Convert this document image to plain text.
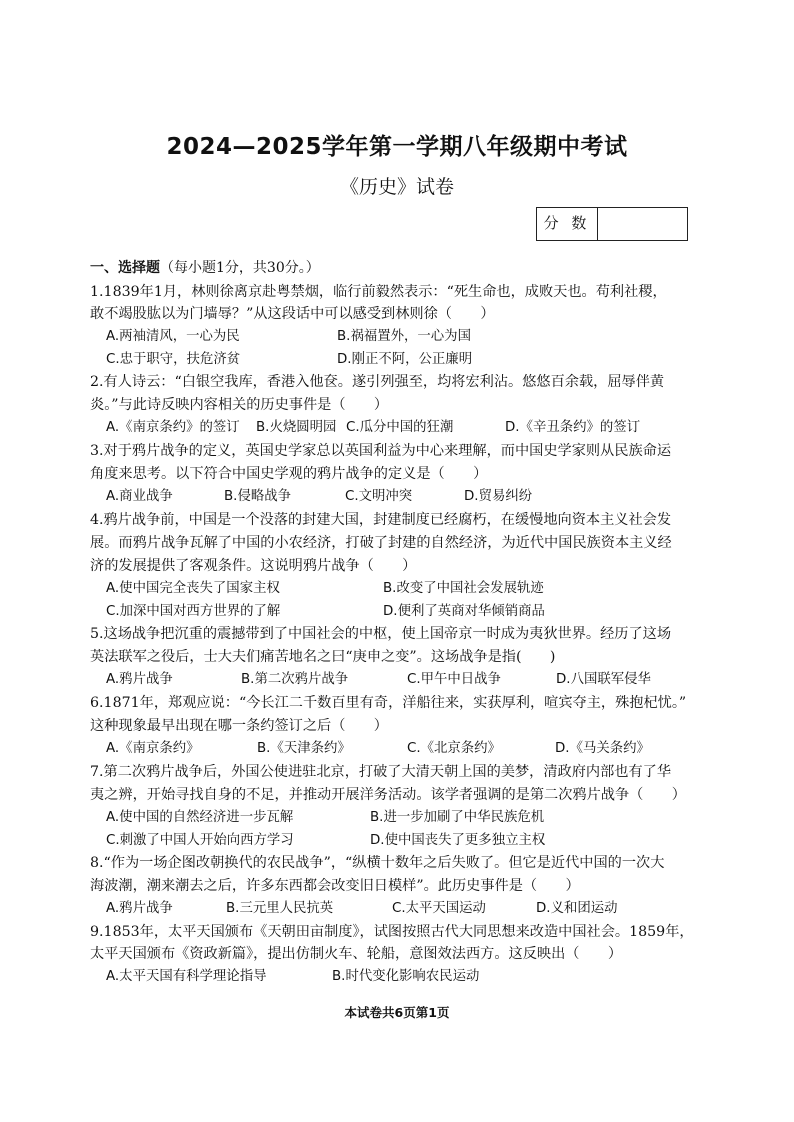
2024—2025学年第一学期八年级期中考试
《历史》试卷
分 数
一、选择题（每小题1分，共30分。）
1.1839年1月，林则徐离京赴粤禁烟，临行前毅然表示：“死生命也，成败天也。苟利社稷，
敢不竭股肱以为门墙辱？”从这段话中可以感受到林则徐（　　）
A.两袖清风，一心为民	B.祸福置外，一心为国
C.忠于职守，扶危济贫	D.刚正不阿，公正廉明
2.有人诗云：“白银空我库，香港入他奁。遂引列强至，均将宏利沾。悠悠百余载，屈辱伴黄
炎。”与此诗反映内容相关的历史事件是（　　）
A.《南京条约》的签订 B.火烧圆明园 C.瓜分中国的狂潮	D.《辛丑条约》的签订
3.对于鸦片战争的定义，英国史学家总以英国利益为中心来理解，而中国史学家则从民族命运
角度来思考。以下符合中国史学观的鸦片战争的定义是（　　）
A.商业战争	B.侵略战争	C.文明冲突	D.贸易纠纷
4.鸦片战争前，中国是一个没落的封建大国，封建制度已经腐朽，在缓慢地向资本主义社会发
展。而鸦片战争瓦解了中国的小农经济，打破了封建的自然经济，为近代中国民族资本主义经
济的发展提供了客观条件。这说明鸦片战争（　　）
A.使中国完全丧失了国家主权	B.改变了中国社会发展轨迹
C.加深中国对西方世界的了解	D.便利了英商对华倾销商品
5.这场战争把沉重的震撼带到了中国社会的中枢，使上国帝京一时成为夷狄世界。经历了这场
英法联军之役后，士大夫们痛苦地名之曰“庚申之变”。这场战争是指(　　)
A.鸦片战争	B.第二次鸦片战争	C.甲午中日战争	D.八国联军侵华
6.1871年，郑观应说：“今长江二千数百里有奇，洋船往来，实获厚利，喧宾夺主，殊抱杞忧。”
这种现象最早出现在哪一条约签订之后（　　）
A.《南京条约》	B.《天津条约》	C.《北京条约》	D.《马关条约》
7.第二次鸦片战争后，外国公使进驻北京，打破了大清天朝上国的美梦，清政府内部也有了华
夷之辨，开始寻找自身的不足，并推动开展洋务活动。该学者强调的是第二次鸦片战争（　　）
A.使中国的自然经济进一步瓦解	B.进一步加刷了中华民族危机
C.刺激了中国人开始向西方学习	D.使中国丧失了更多独立主权
8.“作为一场企图改朝换代的农民战争”，“纵横十数年之后失败了。但它是近代中国的一次大
海波潮，潮来潮去之后，许多东西都会改变旧日模样”。此历史事件是（　　）
A.鸦片战争	B.三元里人民抗英	C.太平天国运动	D.义和团运动
9.1853年，太平天国颁布《天朝田亩制度》，试图按照古代大同思想来改造中国社会。1859年，
太平天国颁布《资政新篇》，提出仿制火车、轮船，意图效法西方。这反映出（　　）
A.太平天国有科学理论指导	B.时代变化影响农民运动
本试卷共6页第1页
